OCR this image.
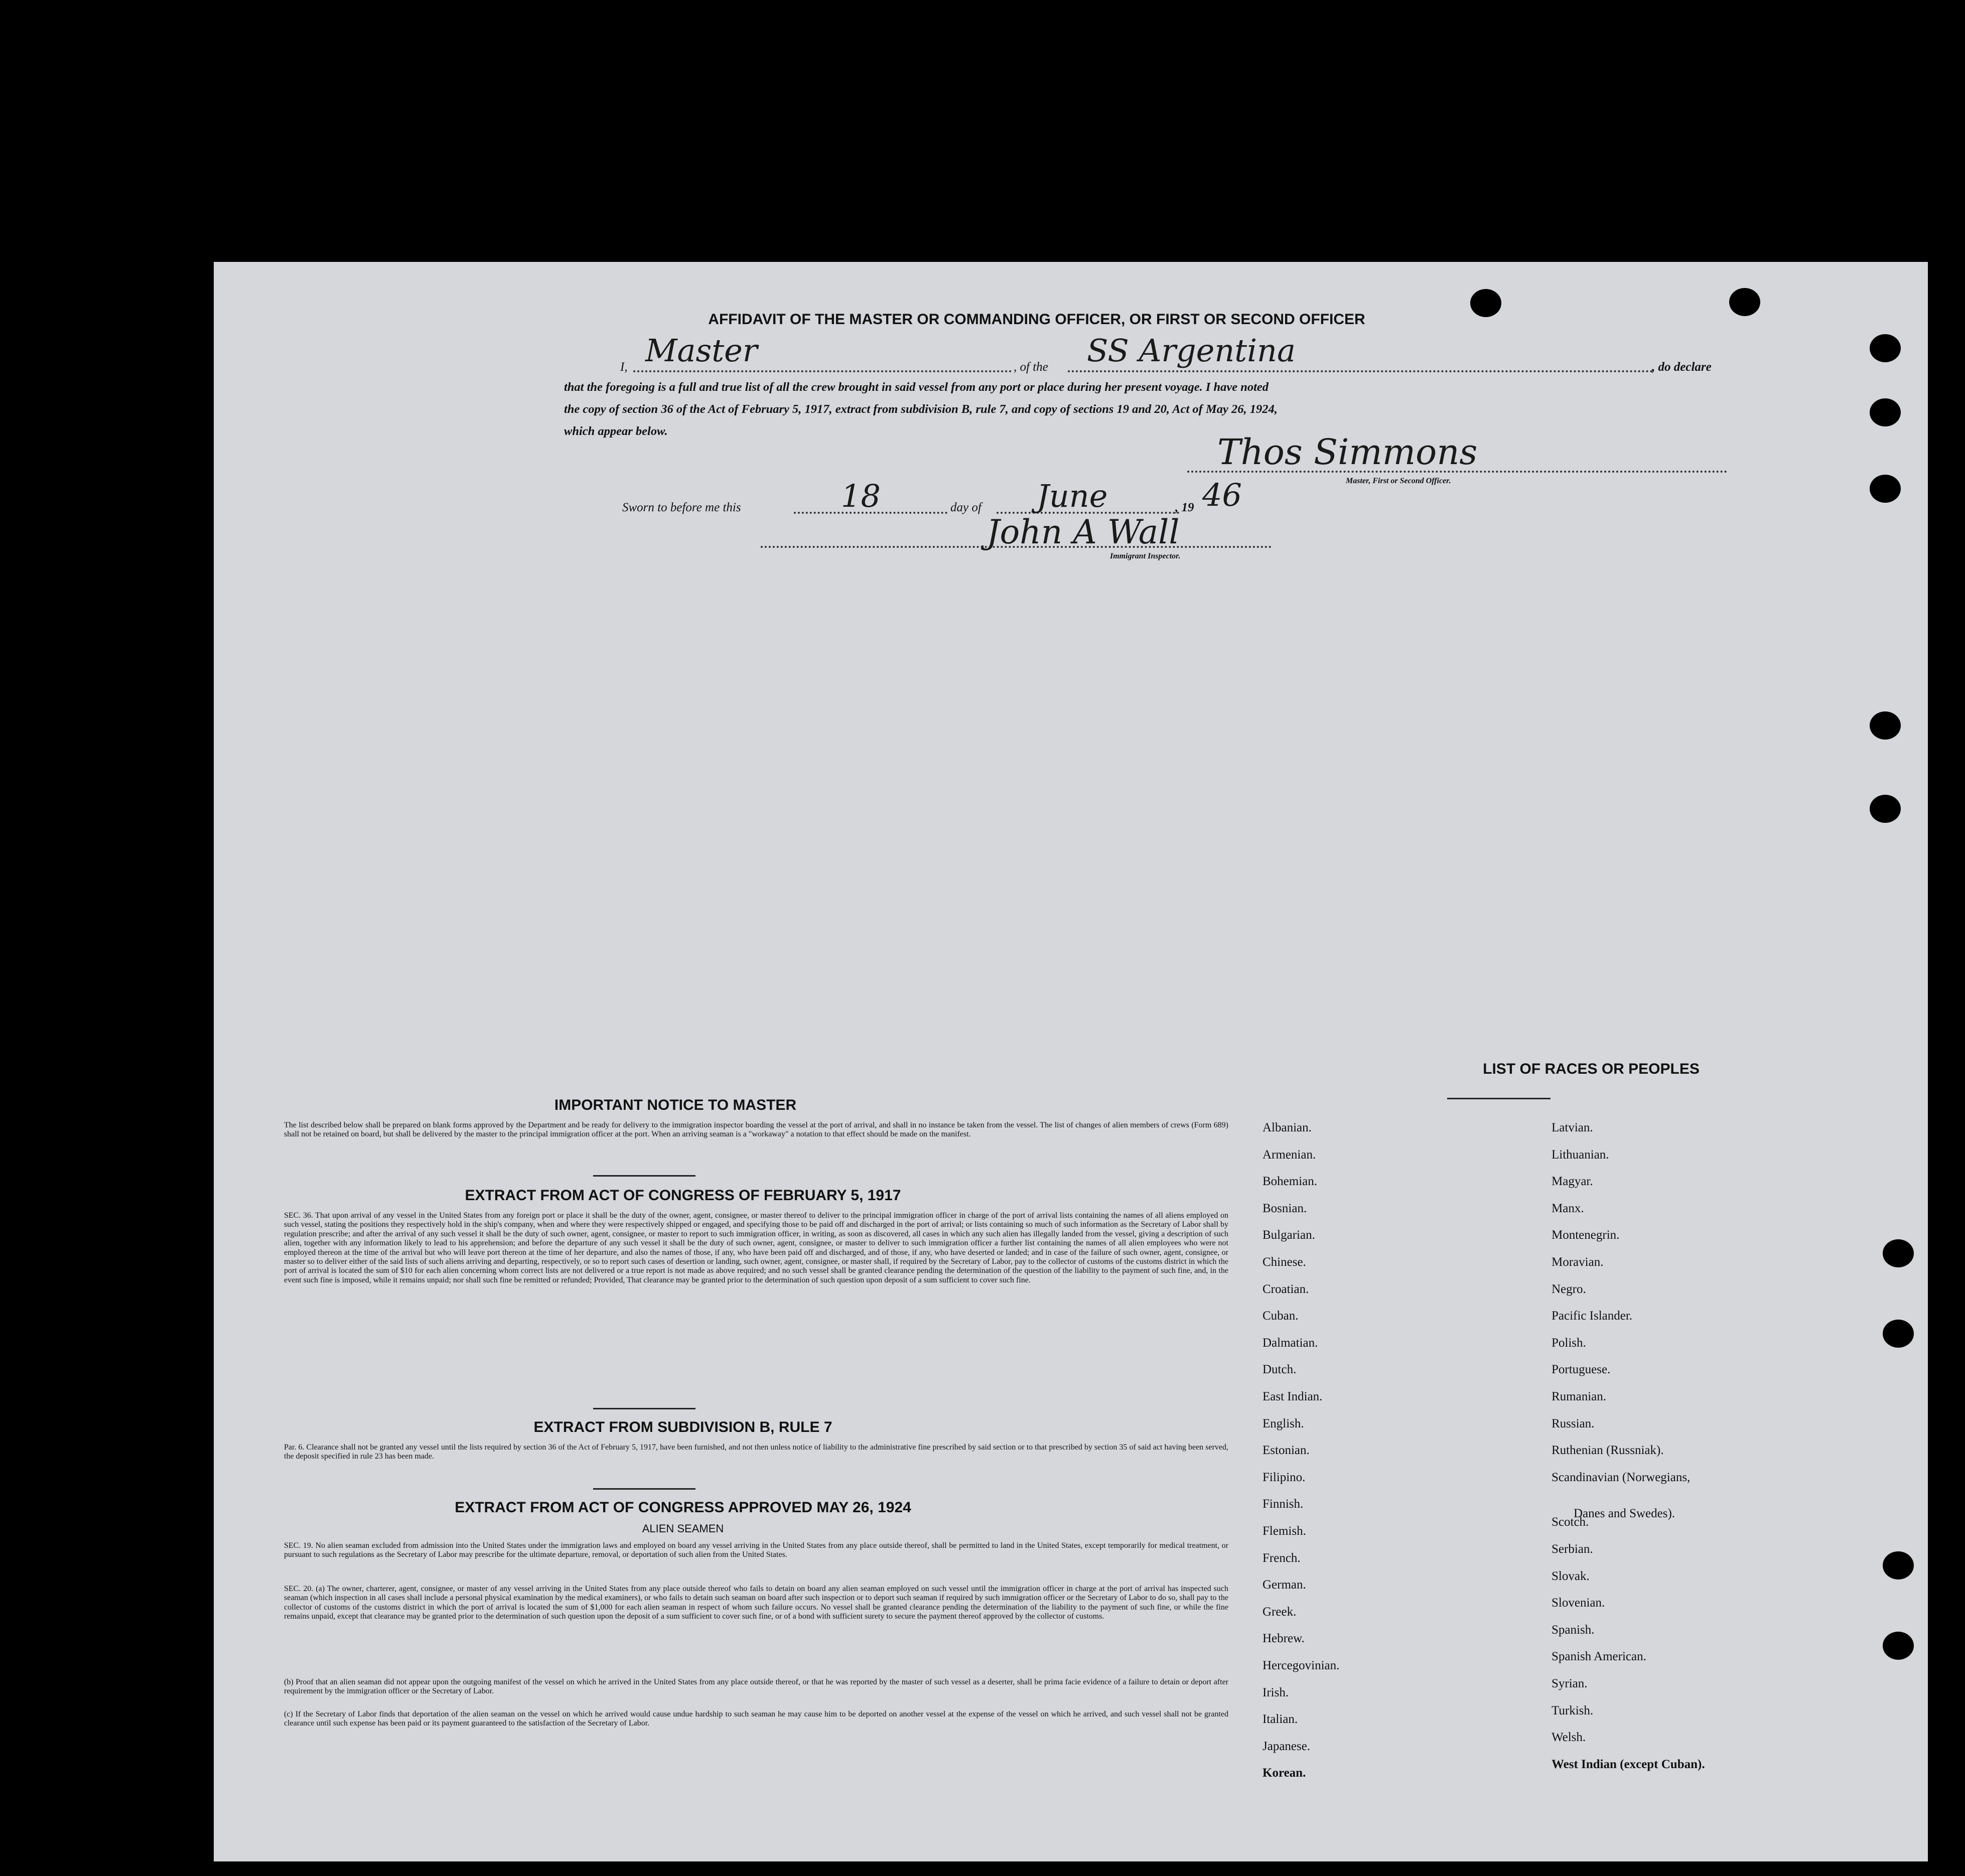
AFFIDAVIT OF THE MASTER OR COMMANDING OFFICER, OR FIRST OR SECOND OFFICER
I, Master	, of the SS Argentina	, do declare
that the foregoing is a full and true list of all the crew brought in said vessel from any port or place during her present voyage. I have noted
the copy of section 36 of the Act of February 5, 1917, extract from subdivision B, rule 7, and copy of sections 19 and 20, Act of May 26, 1924,
which appear below.
Thos Simmons
Master, First or Second Officer.
Sworn to before me this	18	day of June	, 19 46
John A Wall
Immigrant Inspector.
IMPORTANT NOTICE TO MASTER
The list described below shall be prepared on blank forms approved by the Department and be ready for delivery to the immigration inspector boarding the vessel at the port of arrival, and shall in no instance be taken from the vessel. The list of changes of alien members of crews (Form 689) shall not be retained on board, but shall be delivered by the master to the principal immigration officer at the port. When an arriving seaman is a "workaway" a notation to that effect should be made on the manifest.
EXTRACT FROM ACT OF CONGRESS OF FEBRUARY 5, 1917
SEC. 36. That upon arrival of any vessel in the United States from any foreign port or place it shall be the duty of the owner, agent, consignee, or master thereof to deliver to the principal immigration officer in charge of the port of arrival lists containing the names of all aliens employed on such vessel, stating the positions they respectively hold in the ship's company, when and where they were respectively shipped or engaged, and specifying those to be paid off and discharged in the port of arrival; or lists containing so much of such information as the Secretary of Labor shall by regulation prescribe; and after the arrival of any such vessel it shall be the duty of such owner, agent, consignee, or master to report to such immigration officer, in writing, as soon as discovered, all cases in which any such alien has illegally landed from the vessel, giving a description of such alien, together with any information likely to lead to his apprehension; and before the departure of any such vessel it shall be the duty of such owner, agent, consignee, or master to deliver to such immigration officer a further list containing the names of all alien employees who were not employed thereon at the time of the arrival but who will leave port thereon at the time of her departure, and also the names of those, if any, who have been paid off and discharged, and of those, if any, who have deserted or landed; and in case of the failure of such owner, agent, consignee, or master so to deliver either of the said lists of such aliens arriving and departing, respectively, or so to report such cases of desertion or landing, such owner, agent, consignee, or master shall, if required by the Secretary of Labor, pay to the collector of customs of the customs district in which the port of arrival is located the sum of $10 for each alien concerning whom correct lists are not delivered or a true report is not made as above required; and no such vessel shall be granted clearance pending the determination of the question of the liability to the payment of such fine, and, in the event such fine is imposed, while it remains unpaid; nor shall such fine be remitted or refunded; Provided, That clearance may be granted prior to the determination of such question upon deposit of a sum sufficient to cover such fine.
EXTRACT FROM SUBDIVISION B, RULE 7
Par. 6. Clearance shall not be granted any vessel until the lists required by section 36 of the Act of February 5, 1917, have been furnished, and not then unless notice of liability to the administrative fine prescribed by said section or to that prescribed by section 35 of said act having been served, the deposit specified in rule 23 has been made.
EXTRACT FROM ACT OF CONGRESS APPROVED MAY 26, 1924
ALIEN SEAMEN
SEC. 19. No alien seaman excluded from admission into the United States under the immigration laws and employed on board any vessel arriving in the United States from any place outside thereof, shall be permitted to land in the United States, except temporarily for medical treatment, or pursuant to such regulations as the Secretary of Labor may prescribe for the ultimate departure, removal, or deportation of such alien from the United States.
SEC. 20. (a) The owner, charterer, agent, consignee, or master of any vessel arriving in the United States from any place outside thereof who fails to detain on board any alien seaman employed on such vessel until the immigration officer in charge at the port of arrival has inspected such seaman (which inspection in all cases shall include a personal physical examination by the medical examiners), or who fails to detain such seaman on board after such inspection or to deport such seaman if required by such immigration officer or the Secretary of Labor to do so, shall pay to the collector of customs of the customs district in which the port of arrival is located the sum of $1,000 for each alien seaman in respect of whom such failure occurs. No vessel shall be granted clearance pending the determination of the liability to the payment of such fine, or while the fine remains unpaid, except that clearance may be granted prior to the determination of such question upon the deposit of a sum sufficient to cover such fine, or of a bond with sufficient surety to secure the payment thereof approved by the collector of customs.
(b) Proof that an alien seaman did not appear upon the outgoing manifest of the vessel on which he arrived in the United States from any place outside thereof, or that he was reported by the master of such vessel as a deserter, shall be prima facie evidence of a failure to detain or deport after requirement by the immigration officer or the Secretary of Labor.
(c) If the Secretary of Labor finds that deportation of the alien seaman on the vessel on which he arrived would cause undue hardship to such seaman he may cause him to be deported on another vessel at the expense of the vessel on which he arrived, and such vessel shall not be granted clearance until such expense has been paid or its payment guaranteed to the satisfaction of the Secretary of Labor.
LIST OF RACES OR PEOPLES
Albanian.
Armenian.
Bohemian.
Bosnian.
Bulgarian.
Chinese.
Croatian.
Cuban.
Dalmatian.
Dutch.
East Indian.
English.
Estonian.
Filipino.
Finnish.
Flemish.
French.
German.
Greek.
Hebrew.
Hercegovinian.
Irish.
Italian.
Japanese.
Korean.
Latvian.
Lithuanian.
Magyar.
Manx.
Montenegrin.
Moravian.
Negro.
Pacific Islander.
Polish.
Portuguese.
Rumanian.
Russian.
Ruthenian (Russniak).
Scandinavian (Norwegians,
Danes and Swedes).
Scotch.
Serbian.
Slovak.
Slovenian.
Spanish.
Spanish American.
Syrian.
Turkish.
Welsh.
West Indian (except Cuban).
